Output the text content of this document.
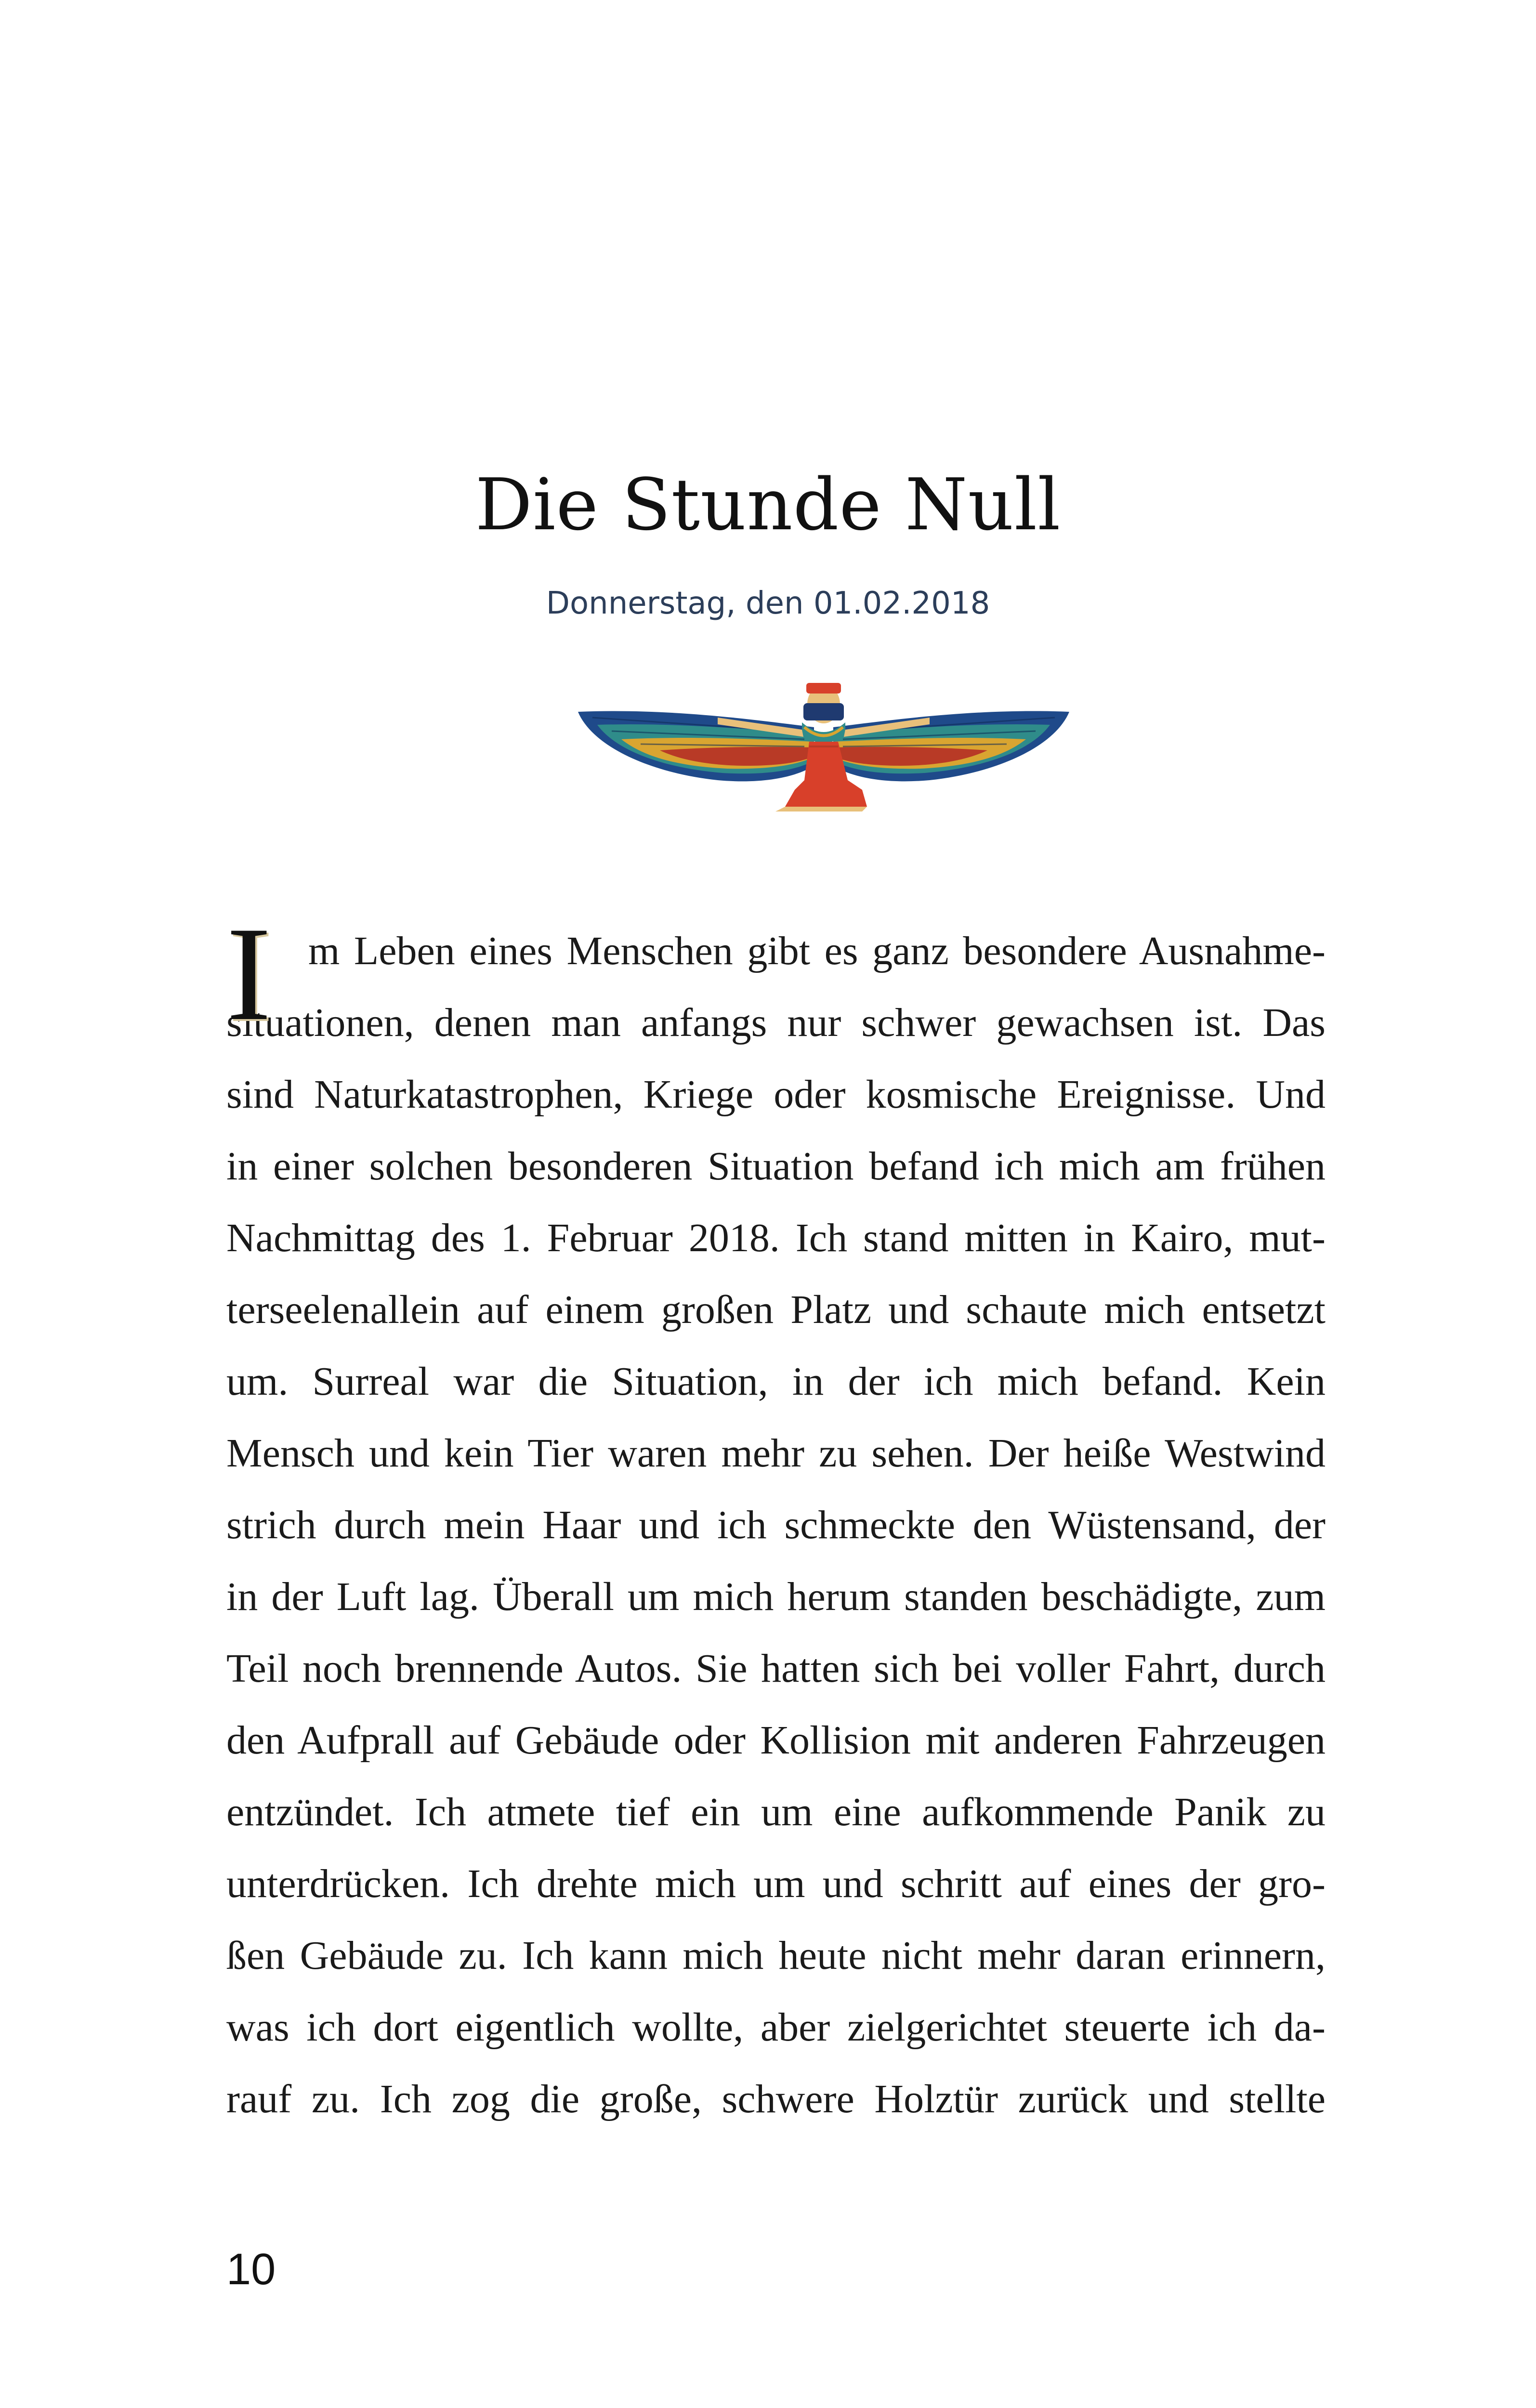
Die Stunde Null
Donnerstag, den 01.02.2018
I m Leben eines Menschen gibt es ganz besondere Ausnahme-
situationen, denen man anfangs nur schwer gewachsen ist. Das
sind Naturkatastrophen, Kriege oder kosmische Ereignisse. Und
in einer solchen besonderen Situation befand ich mich am frühen
Nachmittag des 1. Februar 2018. Ich stand mitten in Kairo, mut-
terseelenallein auf einem großen Platz und schaute mich entsetzt
um. Surreal war die Situation, in der ich mich befand. Kein
Mensch und kein Tier waren mehr zu sehen. Der heiße Westwind
strich durch mein Haar und ich schmeckte den Wüstensand, der
in der Luft lag. Überall um mich herum standen beschädigte, zum
Teil noch brennende Autos. Sie hatten sich bei voller Fahrt, durch
den Aufprall auf Gebäude oder Kollision mit anderen Fahrzeugen
entzündet. Ich atmete tief ein um eine aufkommende Panik zu
unterdrücken. Ich drehte mich um und schritt auf eines der gro-
ßen Gebäude zu. Ich kann mich heute nicht mehr daran erinnern,
was ich dort eigentlich wollte, aber zielgerichtet steuerte ich da-
rauf zu. Ich zog die große, schwere Holztür zurück und stellte
10
